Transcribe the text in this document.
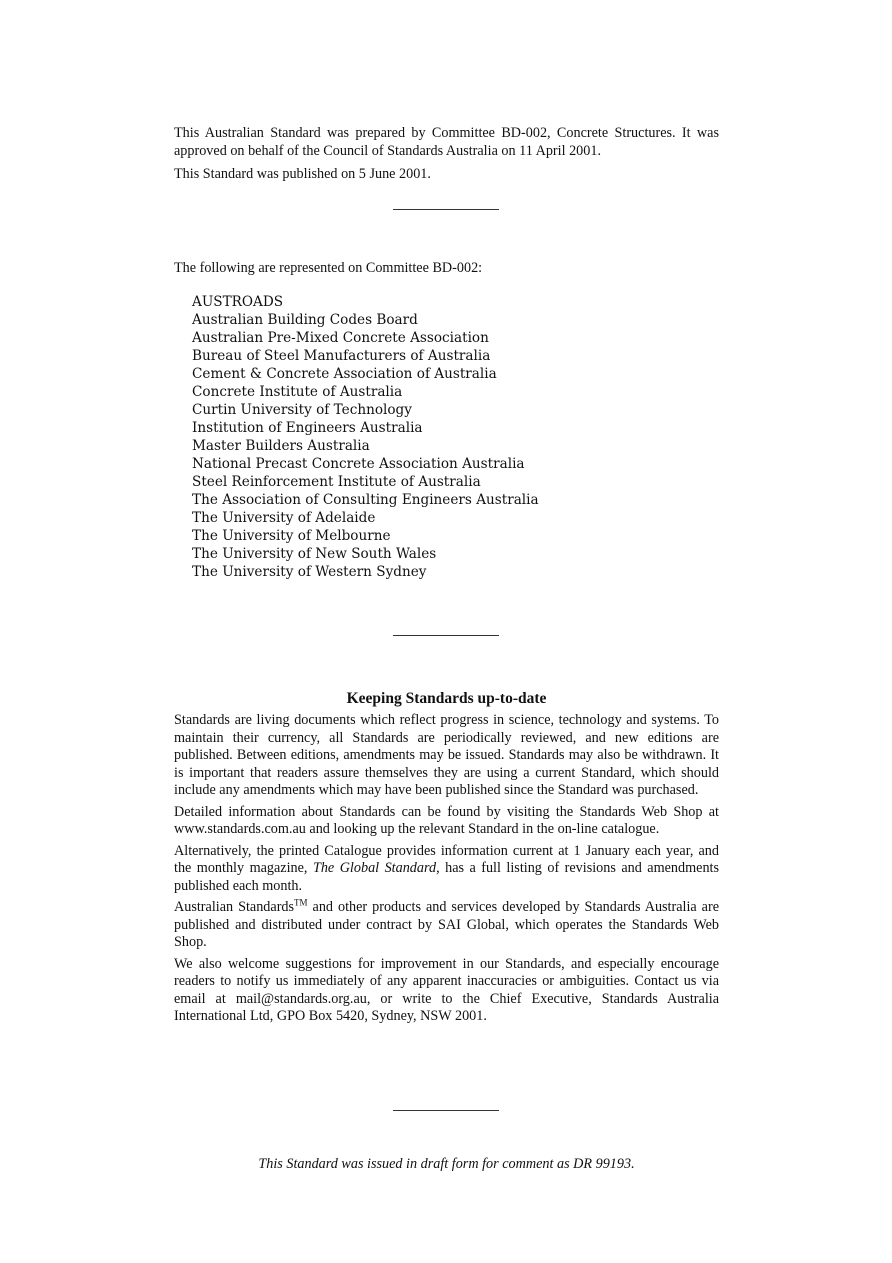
This Australian Standard was prepared by Committee BD-002, Concrete Structures. It was approved on behalf of the Council of Standards Australia on 11 April 2001.

This Standard was published on 5 June 2001.

The following are represented on Committee BD-002:

AUSTROADS
Australian Building Codes Board
Australian Pre-Mixed Concrete Association
Bureau of Steel Manufacturers of Australia
Cement & Concrete Association of Australia
Concrete Institute of Australia
Curtin University of Technology
Institution of Engineers Australia
Master Builders Australia
National Precast Concrete Association Australia
Steel Reinforcement Institute of Australia
The Association of Consulting Engineers Australia
The University of Adelaide
The University of Melbourne
The University of New South Wales
The University of Western Sydney
Keeping Standards up-to-date

Standards are living documents which reflect progress in science, technology and systems. To maintain their currency, all Standards are periodically reviewed, and new editions are published. Between editions, amendments may be issued. Standards may also be withdrawn. It is important that readers assure themselves they are using a current Standard, which should include any amendments which may have been published since the Standard was purchased.

Detailed information about Standards can be found by visiting the Standards Web Shop at www.standards.com.au and looking up the relevant Standard in the on-line catalogue.

Alternatively, the printed Catalogue provides information current at 1 January each year, and the monthly magazine, The Global Standard, has a full listing of revisions and amendments published each month.

Australian Standards™ and other products and services developed by Standards Australia are published and distributed under contract by SAI Global, which operates the Standards Web Shop.

We also welcome suggestions for improvement in our Standards, and especially encourage readers to notify us immediately of any apparent inaccuracies or ambiguities. Contact us via email at mail@standards.org.au, or write to the Chief Executive, Standards Australia International Ltd, GPO Box 5420, Sydney, NSW 2001.

This Standard was issued in draft form for comment as DR 99193.
